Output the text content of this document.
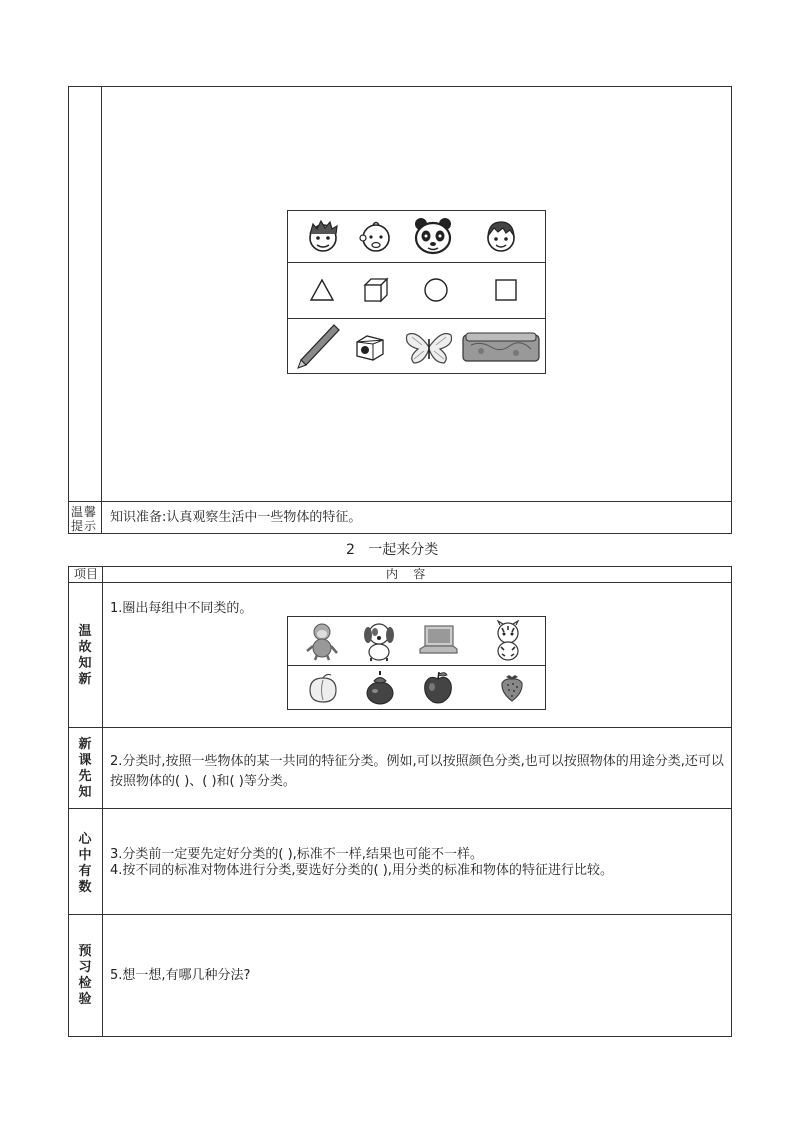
温馨
提示
知识准备:认真观察生活中一些物体的特征。
2   一起来分类
项目	内    容
温
故
知
新
新
课
先
知
心
中
有
数
预
习
检
验
1.圈出每组中不同类的。
2.分类时,按照一些物体的某一共同的特征分类。例如,可以按照颜色分类,也可以按照物体的用途分类,还可以按照物体的( )、( )和( )等分类。
3.分类前一定要先定好分类的( ),标准不一样,结果也可能不一样。
4.按不同的标准对物体进行分类,要选好分类的( ),用分类的标准和物体的特征进行比较。
5.想一想,有哪几种分法?
